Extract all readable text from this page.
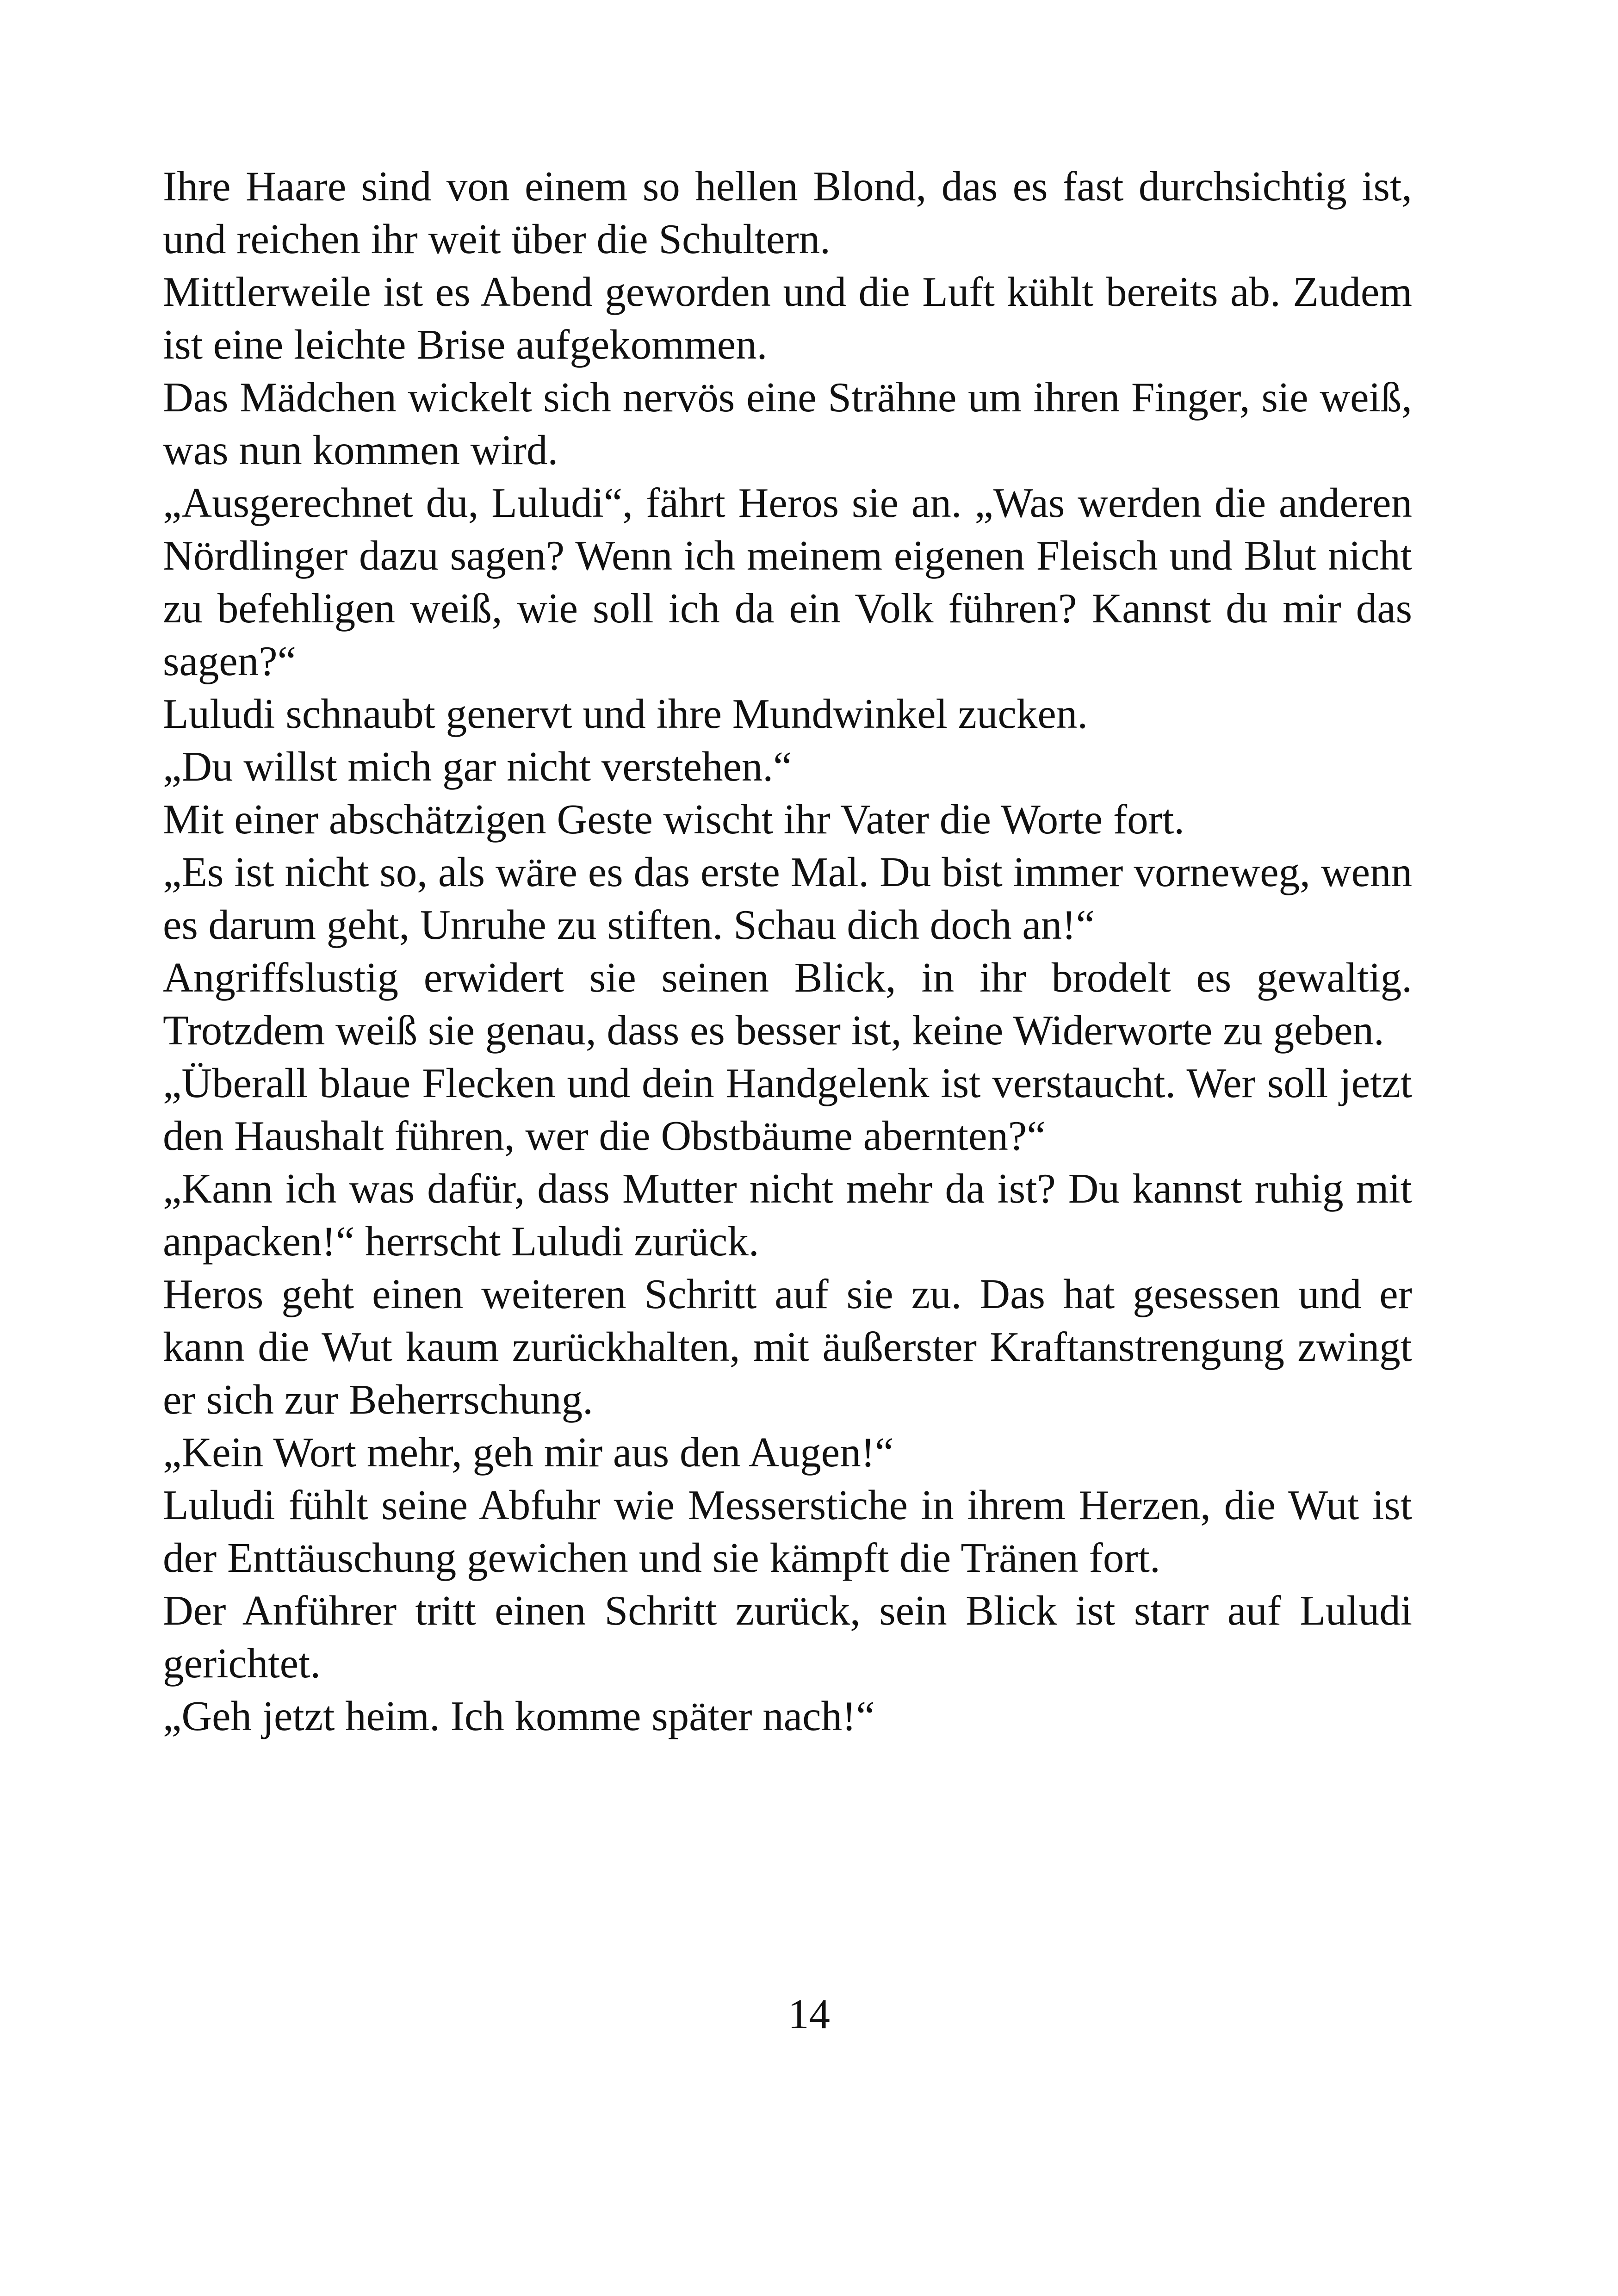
Ihre Haare sind von einem so hellen Blond, das es fast durchsichtig ist, und reichen ihr weit über die Schultern.

Mittlerweile ist es Abend geworden und die Luft kühlt bereits ab. Zudem ist eine leichte Brise aufgekommen.

Das Mädchen wickelt sich nervös eine Strähne um ihren Finger, sie weiß, was nun kommen wird.

„Ausgerechnet du, Luludi“, fährt Heros sie an. „Was werden die anderen Nördlinger dazu sagen? Wenn ich meinem eigenen Fleisch und Blut nicht zu befehligen weiß, wie soll ich da ein Volk führen? Kannst du mir das sagen?“

Luludi schnaubt genervt und ihre Mundwinkel zucken.

„Du willst mich gar nicht verstehen.“

Mit einer abschätzigen Geste wischt ihr Vater die Worte fort.

„Es ist nicht so, als wäre es das erste Mal. Du bist immer vorneweg, wenn es darum geht, Unruhe zu stiften. Schau dich doch an!“

Angriffslustig erwidert sie seinen Blick, in ihr brodelt es gewaltig. Trotzdem weiß sie genau, dass es besser ist, keine Widerworte zu geben.

„Überall blaue Flecken und dein Handgelenk ist verstaucht. Wer soll jetzt den Haushalt führen, wer die Obstbäume abernten?“

„Kann ich was dafür, dass Mutter nicht mehr da ist? Du kannst ruhig mit anpacken!“ herrscht Luludi zurück.

Heros geht einen weiteren Schritt auf sie zu. Das hat gesessen und er kann die Wut kaum zurückhalten, mit äußerster Kraftanstrengung zwingt er sich zur Beherrschung.

„Kein Wort mehr, geh mir aus den Augen!“

Luludi fühlt seine Abfuhr wie Messerstiche in ihrem Herzen, die Wut ist der Enttäuschung gewichen und sie kämpft die Tränen fort.

Der Anführer tritt einen Schritt zurück, sein Blick ist starr auf Luludi gerichtet.

„Geh jetzt heim. Ich komme später nach!“

14
